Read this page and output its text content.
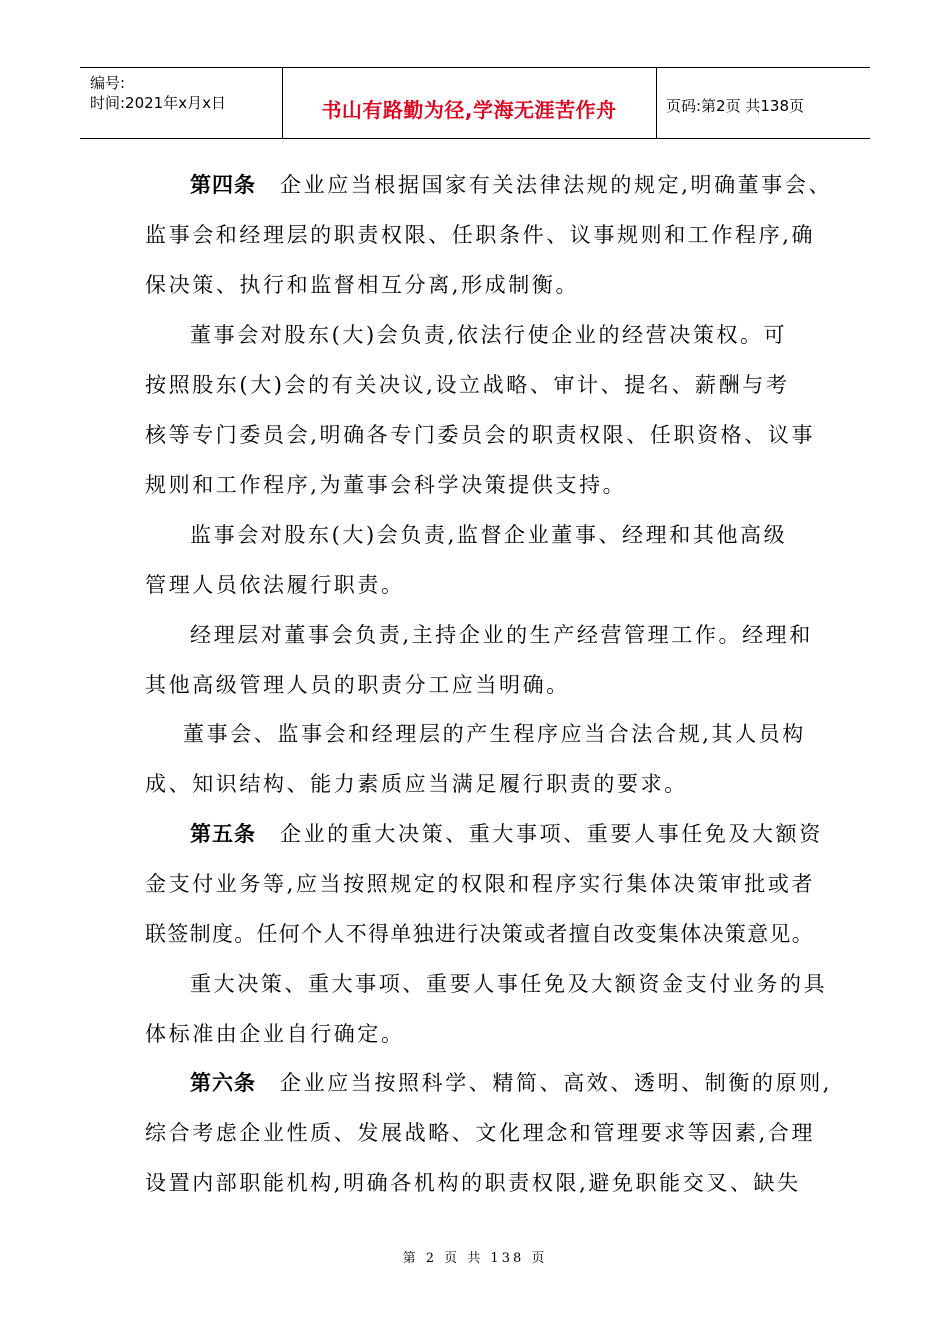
编号:
时间:2021年x月x日	书山有路勤为径,学海无涯苦作舟	页码:第2页 共138页
第四条 企业应当根据国家有关法律法规的规定,明确董事会、
监事会和经理层的职责权限、任职条件、议事规则和工作程序,确
保决策、执行和监督相互分离,形成制衡。
董事会对股东(大)会负责,依法行使企业的经营决策权。可
按照股东(大)会的有关决议,设立战略、审计、提名、薪酬与考
核等专门委员会,明确各专门委员会的职责权限、任职资格、议事
规则和工作程序,为董事会科学决策提供支持。
监事会对股东(大)会负责,监督企业董事、经理和其他高级
管理人员依法履行职责。
经理层对董事会负责,主持企业的生产经营管理工作。经理和
其他高级管理人员的职责分工应当明确。
董事会、监事会和经理层的产生程序应当合法合规,其人员构
成、知识结构、能力素质应当满足履行职责的要求。
第五条 企业的重大决策、重大事项、重要人事任免及大额资
金支付业务等,应当按照规定的权限和程序实行集体决策审批或者
联签制度。任何个人不得单独进行决策或者擅自改变集体决策意见。
重大决策、重大事项、重要人事任免及大额资金支付业务的具
体标准由企业自行确定。
第六条 企业应当按照科学、精简、高效、透明、制衡的原则,
综合考虑企业性质、发展战略、文化理念和管理要求等因素,合理
设置内部职能机构,明确各机构的职责权限,避免职能交叉、缺失
第 2 页 共 138 页
